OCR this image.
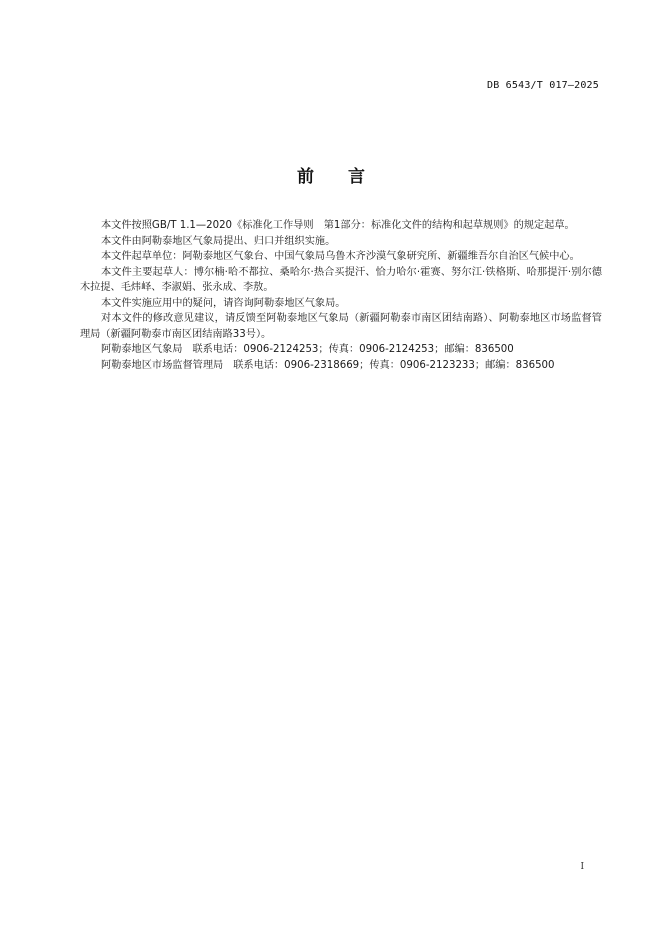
DB 6543/T 017—2025
前言

本文件按照GB/T 1.1—2020《标准化工作导则　第1部分：标准化文件的结构和起草规则》的规定起草。

本文件由阿勒泰地区气象局提出、归口并组织实施。

本文件起草单位：阿勒泰地区气象台、中国气象局乌鲁木齐沙漠气象研究所、新疆维吾尔自治区气候中心。

本文件主要起草人：博尔楠·哈不都拉、桑哈尔·热合买提汗、恰力哈尔·霍赛、努尔江·铁格斯、哈那提汗·别尔德木拉提、毛炜峄、李淑娟、张永成、李敖。

本文件实施应用中的疑问，请咨询阿勒泰地区气象局。

对本文件的修改意见建议，请反馈至阿勒泰地区气象局（新疆阿勒泰市南区团结南路）、阿勒泰地区市场监督管理局（新疆阿勒泰市南区团结南路33号）。

阿勒泰地区气象局 联系电话：0906-2124253；传真：0906-2124253；邮编：836500

阿勒泰地区市场监督管理局 联系电话：0906-2318669；传真：0906-2123233；邮编：836500

I
